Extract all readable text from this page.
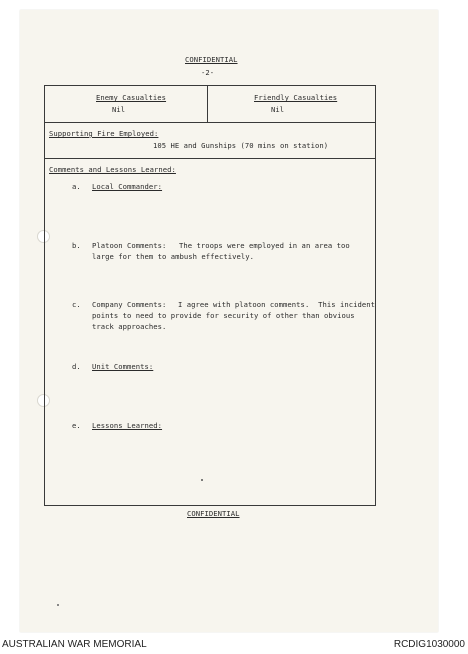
CONFIDENTIAL
-2-
Enemy Casualties
Nil
Friendly Casualties
Nil
Supporting Fire Employed:
105 HE and Gunships (70 mins on station)
Comments and Lessons Learned:
a. Local Commander:
b. Platoon Comments: The troops were employed in an area too
large for them to ambush effectively.
c. Company Comments: I agree with platoon comments.  This incident
points to need to provide for security of other than obvious
track approaches.
d. Unit Comments:
e. Lessons Learned:
CONFIDENTIAL
AUSTRALIAN WAR MEMORIAL	RCDIG1030000
